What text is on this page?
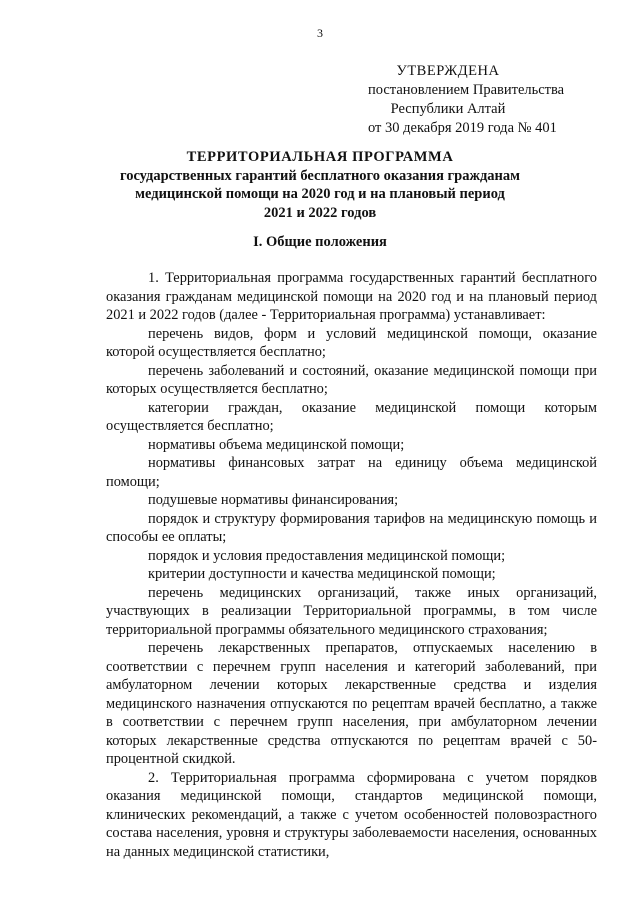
3
УТВЕРЖДЕНА
постановлением Правительства
Республики Алтай
от 30 декабря 2019 года № 401
ТЕРРИТОРИАЛЬНАЯ ПРОГРАММА
государственных гарантий бесплатного оказания гражданам
медицинской помощи на 2020 год и на плановый период
2021 и 2022 годов
I. Общие положения

1. Территориальная программа государственных гарантий бесплатного оказания гражданам медицинской помощи на 2020 год и на плановый период 2021 и 2022 годов (далее - Территориальная программа) устанавливает:

перечень видов, форм и условий медицинской помощи, оказание которой осуществляется бесплатно;

перечень заболеваний и состояний, оказание медицинской помощи при которых осуществляется бесплатно;

категории граждан, оказание медицинской помощи которым осуществляется бесплатно;

нормативы объема медицинской помощи;

нормативы финансовых затрат на единицу объема медицинской помощи;

подушевые нормативы финансирования;

порядок и структуру формирования тарифов на медицинскую помощь и способы ее оплаты;

порядок и условия предоставления медицинской помощи;

критерии доступности и качества медицинской помощи;

перечень медицинских организаций, также иных организаций, участвующих в реализации Территориальной программы, в том числе территориальной программы обязательного медицинского страхования;

перечень лекарственных препаратов, отпускаемых населению в соответствии с перечнем групп населения и категорий заболеваний, при амбулаторном лечении которых лекарственные средства и изделия медицинского назначения отпускаются по рецептам врачей бесплатно, а также в соответствии с перечнем групп населения, при амбулаторном лечении которых лекарственные средства отпускаются по рецептам врачей с 50-процентной скидкой.

2. Территориальная программа сформирована с учетом порядков оказания медицинской помощи, стандартов медицинской помощи, клинических рекомендаций, а также с учетом особенностей половозрастного состава населения, уровня и структуры заболеваемости населения, основанных на данных медицинской статистики,
